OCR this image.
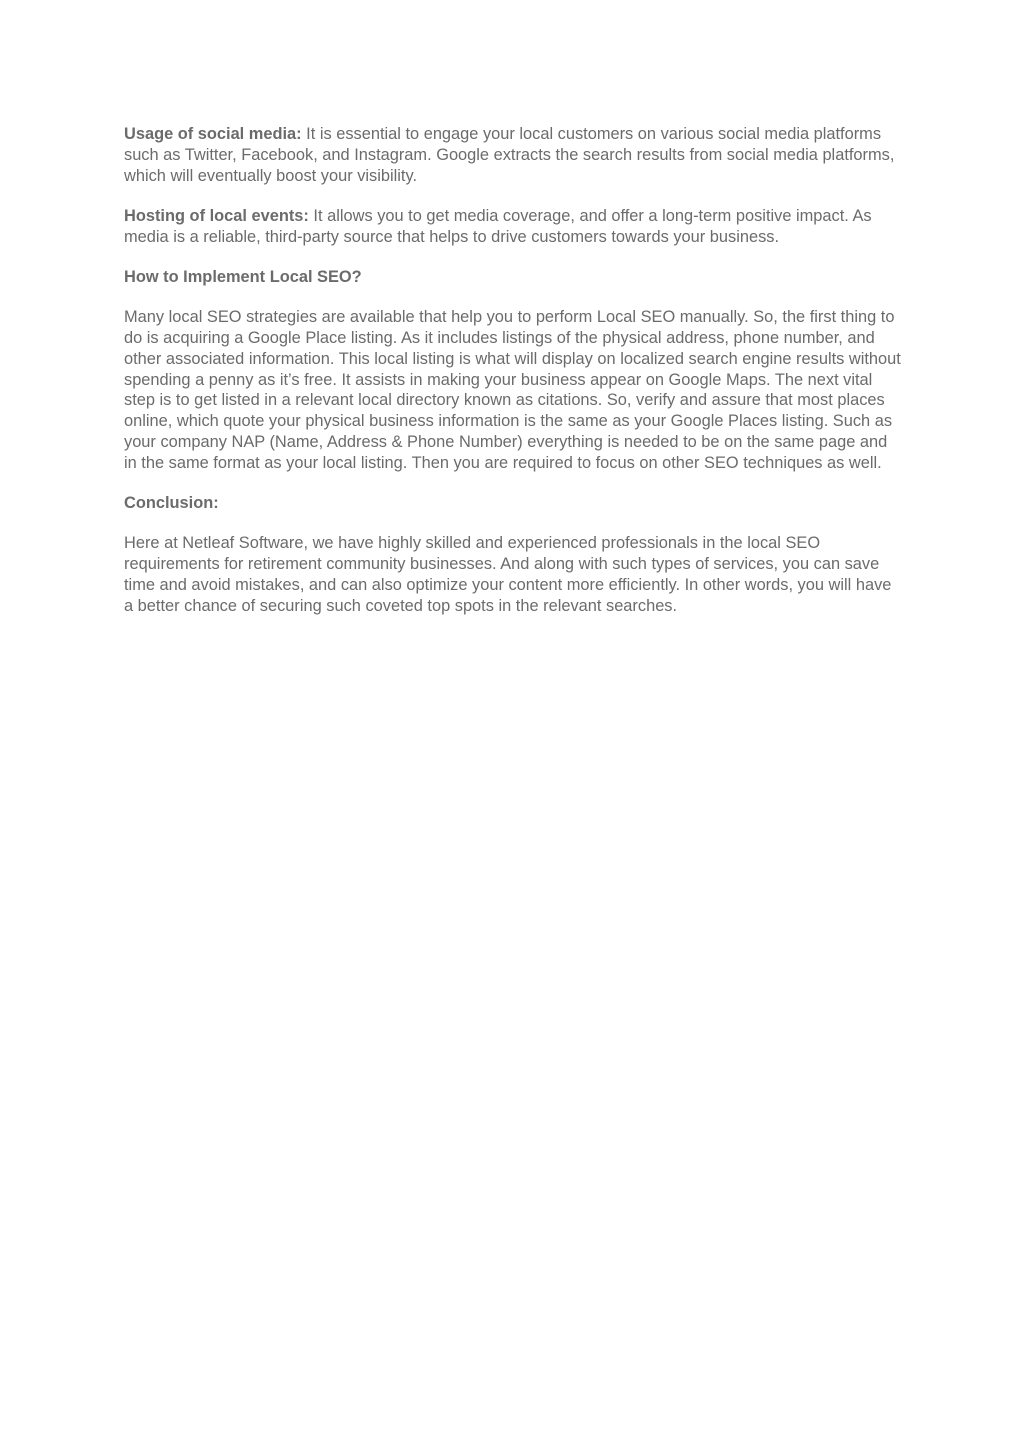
Usage of social media: It is essential to engage your local customers on various social media platforms such as Twitter, Facebook, and Instagram. Google extracts the search results from social media platforms, which will eventually boost your visibility.

Hosting of local events: It allows you to get media coverage, and offer a long-term positive impact. As media is a reliable, third-party source that helps to drive customers towards your business.

How to Implement Local SEO?

Many local SEO strategies are available that help you to perform Local SEO manually. So, the first thing to do is acquiring a Google Place listing. As it includes listings of the physical address, phone number, and other associated information. This local listing is what will display on localized search engine results without spending a penny as it’s free. It assists in making your business appear on Google Maps. The next vital step is to get listed in a relevant local directory known as citations. So, verify and assure that most places online, which quote your physical business information is the same as your Google Places listing. Such as your company NAP (Name, Address & Phone Number) everything is needed to be on the same page and in the same format as your local listing. Then you are required to focus on other SEO techniques as well.

Conclusion:

Here at Netleaf Software, we have highly skilled and experienced professionals in the local SEO requirements for retirement community businesses. And along with such types of services, you can save time and avoid mistakes, and can also optimize your content more efficiently. In other words, you will have a better chance of securing such coveted top spots in the relevant searches.
